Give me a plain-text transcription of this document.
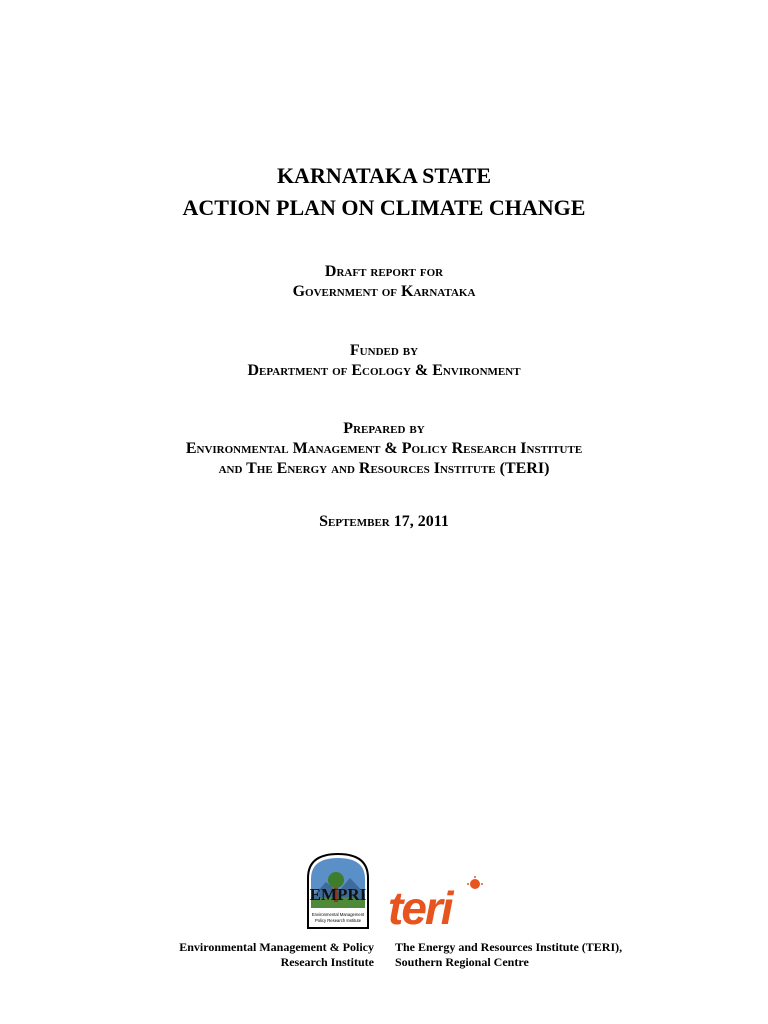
KARNATAKA STATE
ACTION PLAN ON CLIMATE CHANGE
Draft report for
Government of Karnataka
Funded by
Department of Ecology & Environment
Prepared by
Environmental Management & Policy Research Institute
and The Energy and Resources Institute (TERI)
September 17, 2011
EMPRI
Environmental Management
Policy Research Institute teri
Environmental Management & Policy
Research Institute
The Energy and Resources Institute (TERI),
Southern Regional Centre
